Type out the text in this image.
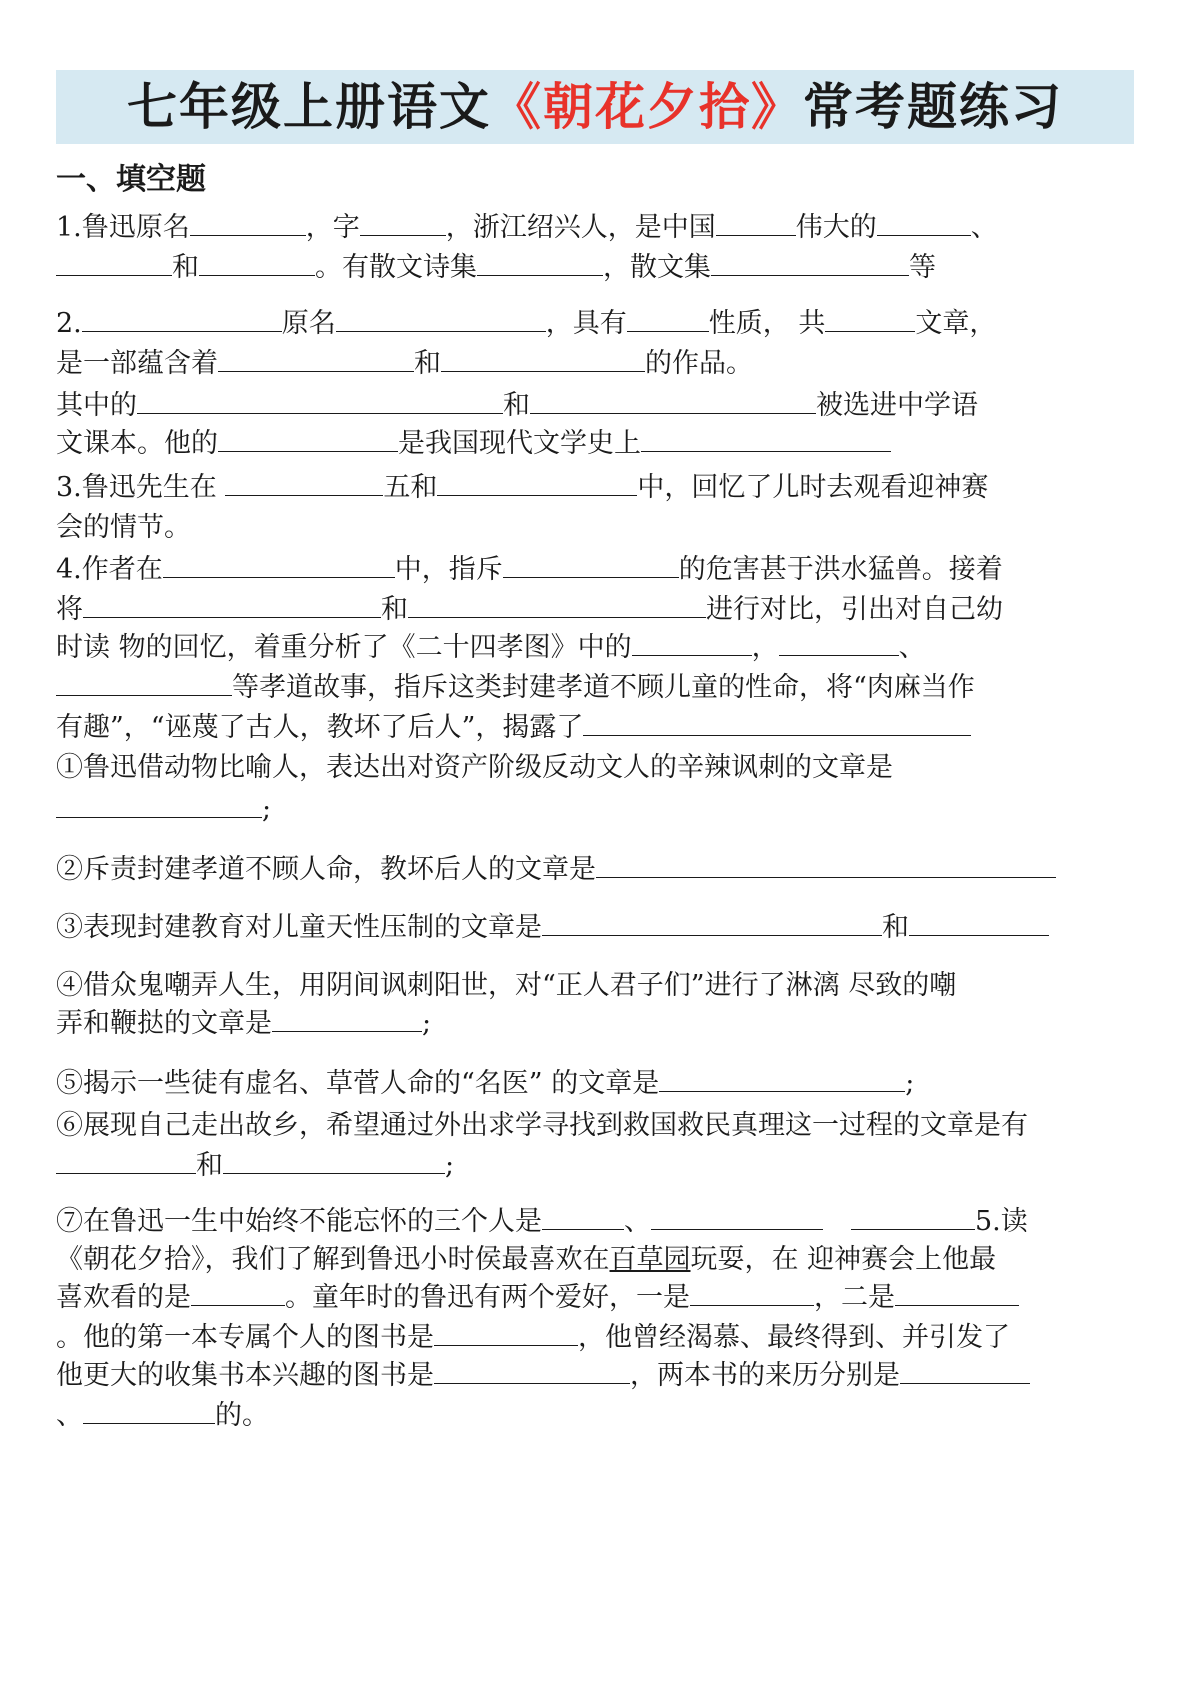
七年级上册语文《朝花夕拾》常考题练习
一、填空题
1.鲁迅原名	，字	，浙江绍兴人，是中国	伟大的	、
和	。有散文诗集	，散文集	等
2.	原名	，具有	性质， 共	文章，
是一部蕴含着	和	的作品。
其中的	和	被选进中学语
文课本。他的	是我国现代文学史上
3.鲁迅先生在	五和	中，回忆了儿时去观看迎神赛
会的情节。
4.作者在	中，指斥	的危害甚于洪水猛兽。接着
将	和	进行对比，引出对自己幼
时读 物的回忆，着重分析了《二十四孝图》中的	，	、
等孝道故事，指斥这类封建孝道不顾儿童的性命，将“肉麻当作
有趣”，“诬蔑了古人，教坏了后人”，揭露了
①鲁迅借动物比喻人，表达出对资产阶级反动文人的辛辣讽刺的文章是
;
②斥责封建孝道不顾人命，教坏后人的文章是
③表现封建教育对儿童天性压制的文章是	和
④借众鬼嘲弄人生，用阴间讽刺阳世，对“正人君子们”进行了淋漓 尽致的嘲
弄和鞭挞的文章是	;
⑤揭示一些徒有虚名、草菅人命的“名医” 的文章是	;
⑥展现自己走出故乡，希望通过外出求学寻找到救国救民真理这一过程的文章是有
和	;
⑦在鲁迅一生中始终不能忘怀的三个人是	、	5.读
《朝花夕拾》，我们了解到鲁迅小时侯最喜欢在百草园玩耍，在 迎神赛会上他最
喜欢看的是	。童年时的鲁迅有两个爱好，一是	，二是
。他的第一本专属个人的图书是	，他曾经渴慕、最终得到、并引发了
他更大的收集书本兴趣的图书是	，两本书的来历分别是
、	的。
